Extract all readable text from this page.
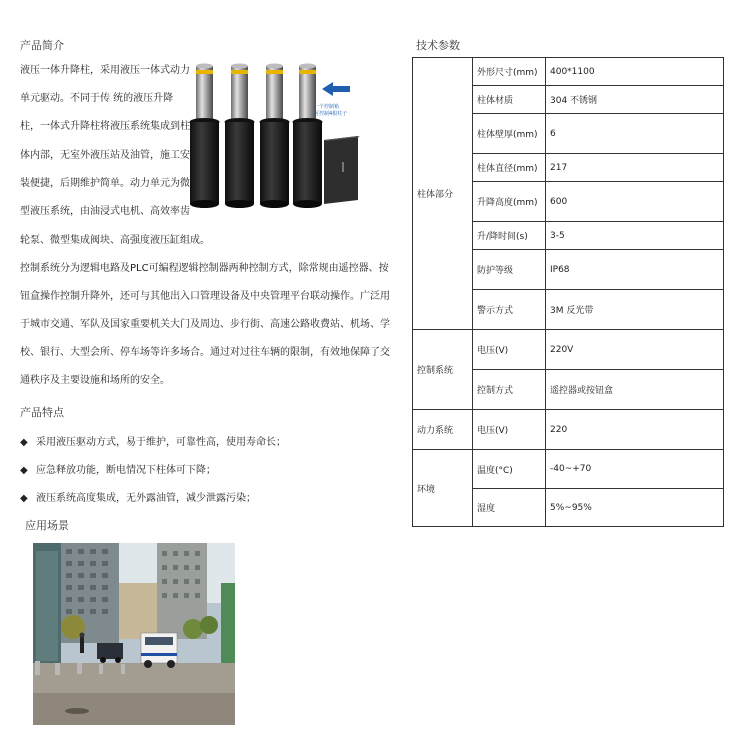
产品简介
液压一体升降柱，采用液压一体式动力
单元驱动。不同于传 统的液压升降
柱，一体式升降柱将液压系统集成到柱
体内部，无室外液压站及油管，施工安
装便捷，后期维护简单。动力单元为微
型液压系统，由油浸式电机、高效率齿
轮泵、微型集成阀块、高强度液压缸组成。
控制系统分为逻辑电路及PLC可编程逻辑控制器两种控制方式，除常规由遥控器、按
钮盒操作控制升降外，还可与其他出入口管理设备及中央管理平台联动操作。广泛用
于城市交通、军队及国家重要机关大门及周边、步行街、高速公路收费站、机场、学
校、银行、大型会所、停车场等许多场合。通过对过往车辆的限制，有效地保障了交
通秩序及主要设施和场所的安全。
一个控制箱
可控制4根柱子
产品特点
◆ 采用液压驱动方式，易于维护，可靠性高，使用寿命长；
◆ 应急释放功能，断电情况下柱体可下降；
◆ 液压系统高度集成，无外露油管，减少泄露污染；
应用场景
技术参数
柱体部分	外形尺寸(mm)	400*1100
	柱体材质	304 不锈钢
	柱体壁厚(mm)	6
	柱体直径(mm)	217
	升降高度(mm)	600
	升/降时间(s)	3-5
	防护等级	IP68
	警示方式	3M 反光带
控制系统	电压(V)	220V
	控制方式	遥控器或按钮盒
动力系统	电压(V)	220
环境	温度(°C)	-40~+70
	湿度	5%~95%
